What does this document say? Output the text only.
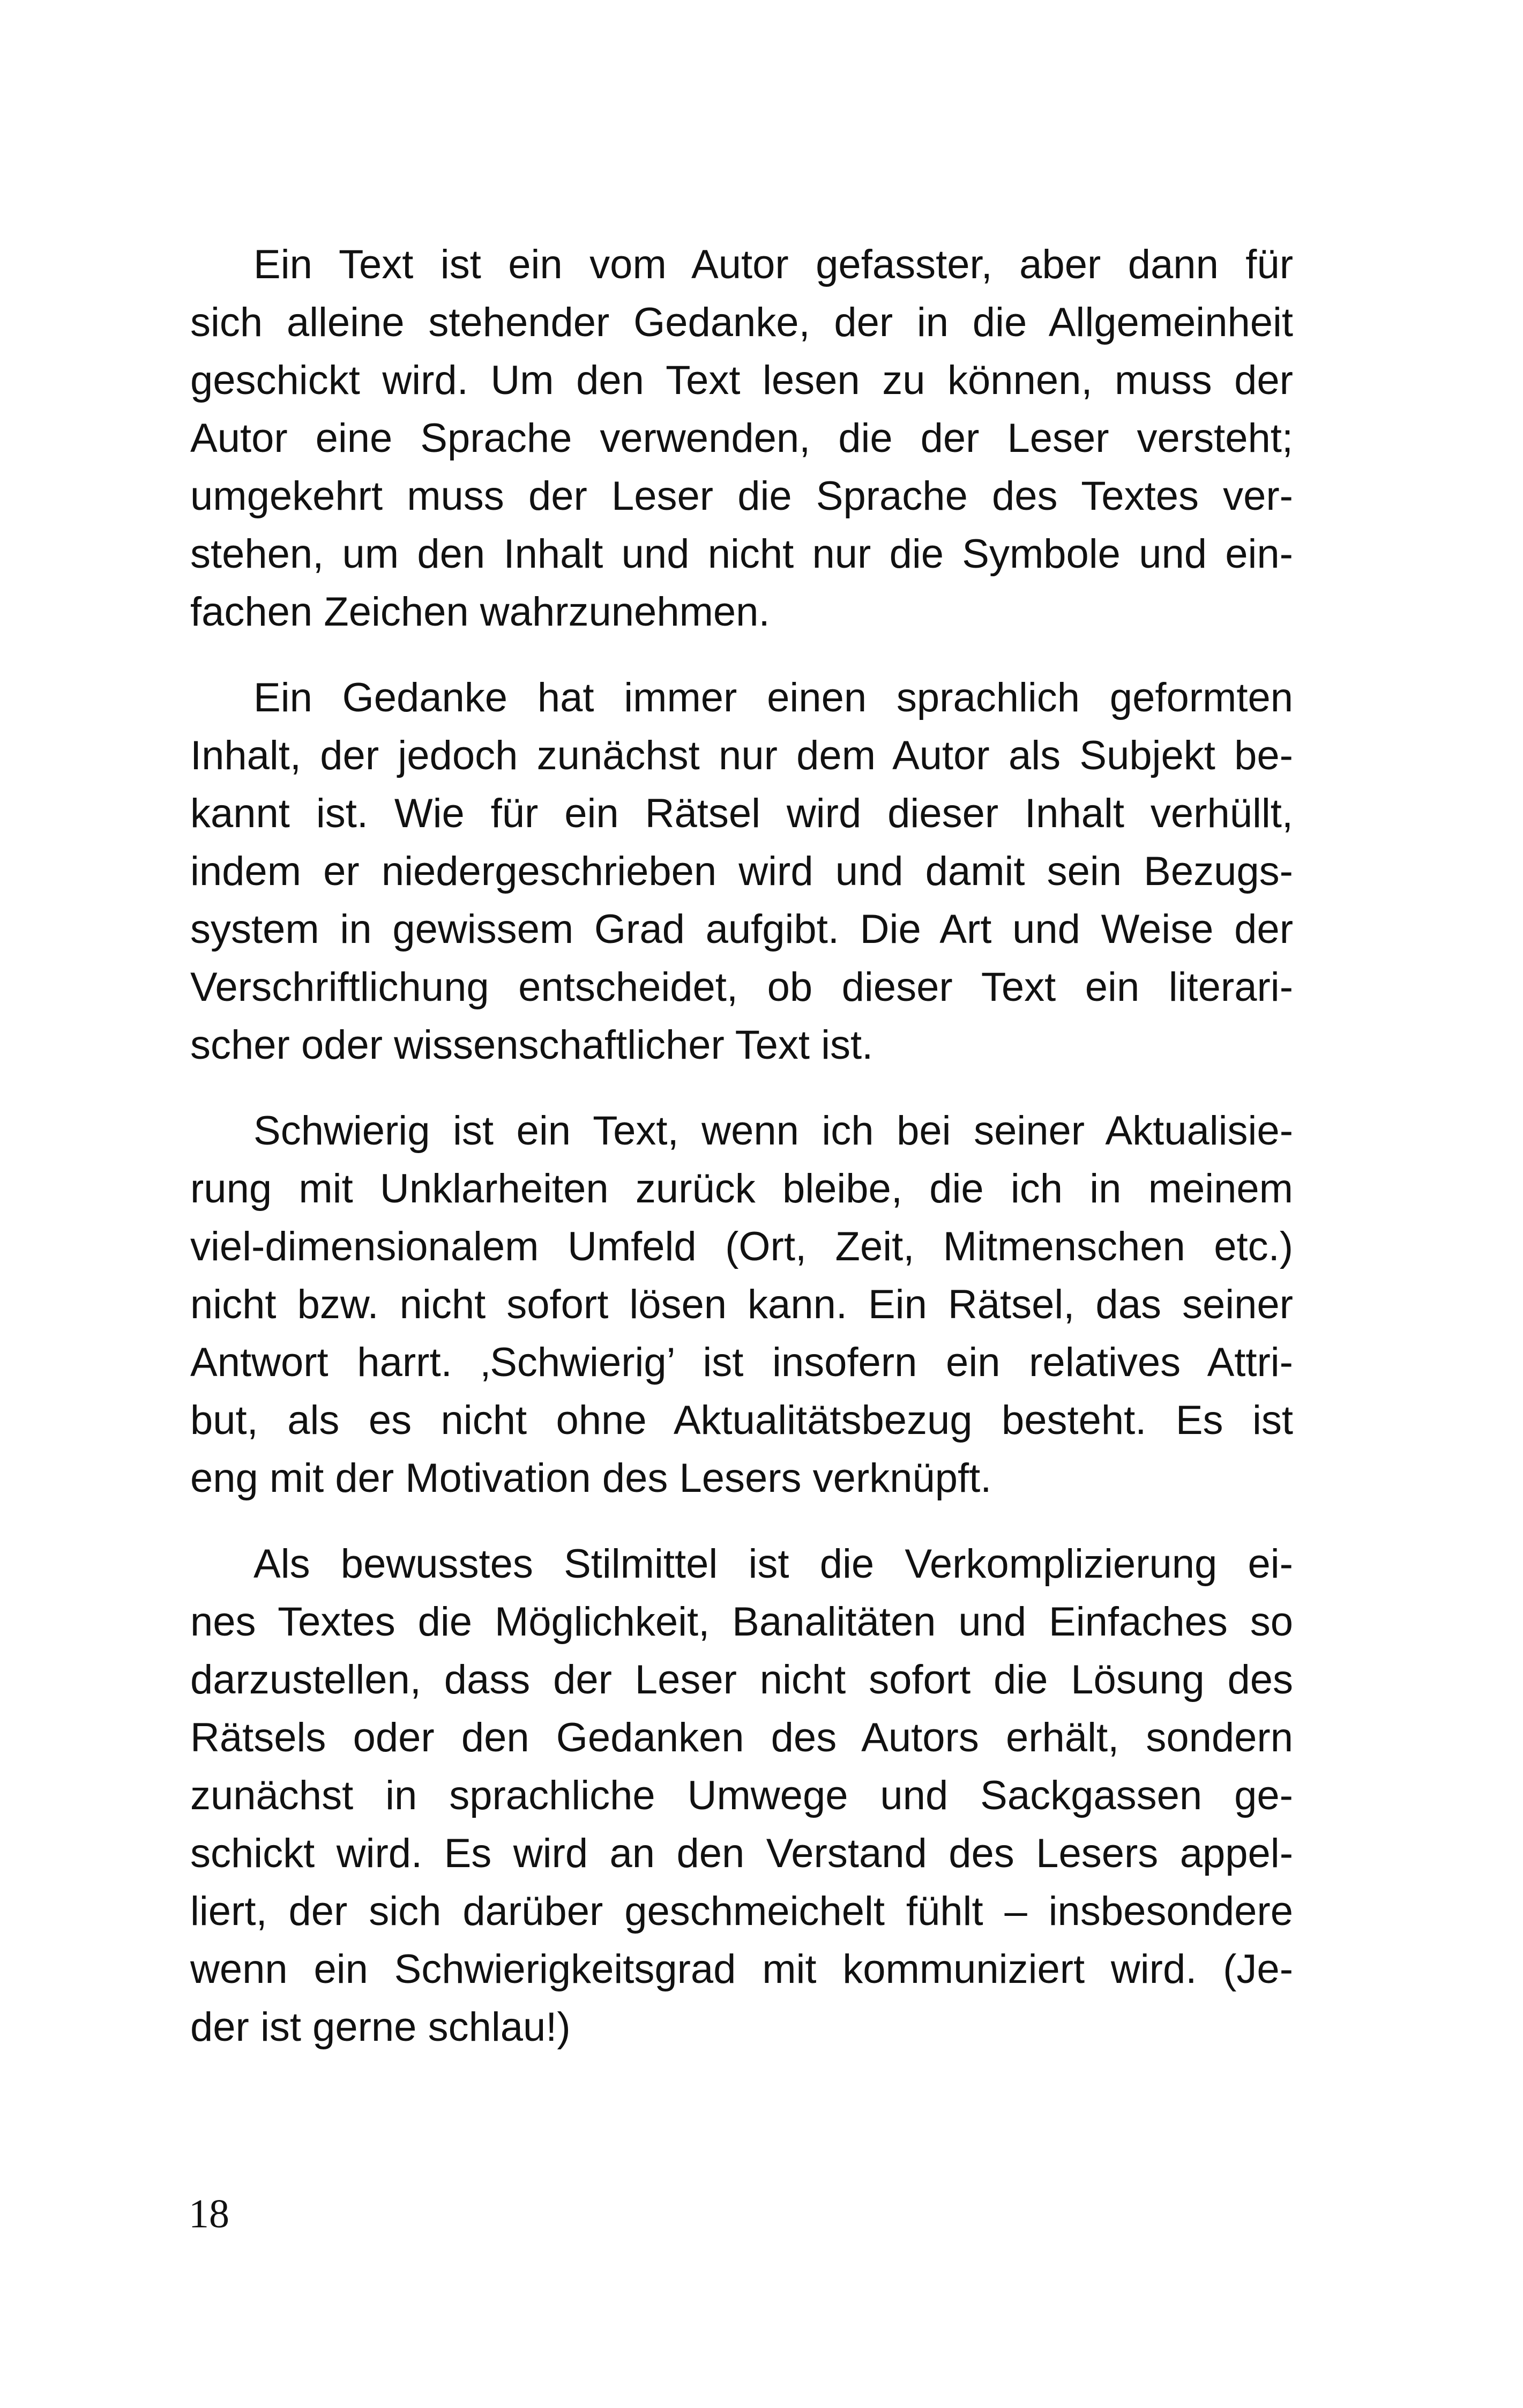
Ein Text ist ein vom Autor gefasster, aber dann für
sich alleine stehender Gedanke, der in die Allgemeinheit
geschickt wird. Um den Text lesen zu können, muss der
Autor eine Sprache verwenden, die der Leser versteht;
umgekehrt muss der Leser die Sprache des Textes ver-
stehen, um den Inhalt und nicht nur die Symbole und ein-
fachen Zeichen wahrzunehmen.

Ein Gedanke hat immer einen sprachlich geformten
Inhalt, der jedoch zunächst nur dem Autor als Subjekt be-
kannt ist. Wie für ein Rätsel wird dieser Inhalt verhüllt,
indem er niedergeschrieben wird und damit sein Bezugs-
system in gewissem Grad aufgibt. Die Art und Weise der
Verschriftlichung entscheidet, ob dieser Text ein literari-
scher oder wissenschaftlicher Text ist.

Schwierig ist ein Text, wenn ich bei seiner Aktualisie-
rung mit Unklarheiten zurück bleibe, die ich in meinem
viel-dimensionalem Umfeld (Ort, Zeit, Mitmenschen etc.)
nicht bzw. nicht sofort lösen kann. Ein Rätsel, das seiner
Antwort harrt. ‚Schwierig’ ist insofern ein relatives Attri-
but, als es nicht ohne Aktualitätsbezug besteht. Es ist
eng mit der Motivation des Lesers verknüpft.

Als bewusstes Stilmittel ist die Verkomplizierung ei-
nes Textes die Möglichkeit, Banalitäten und Einfaches so
darzustellen, dass der Leser nicht sofort die Lösung des
Rätsels oder den Gedanken des Autors erhält, sondern
zunächst in sprachliche Umwege und Sackgassen ge-
schickt wird. Es wird an den Verstand des Lesers appel-
liert, der sich darüber geschmeichelt fühlt – insbesondere
wenn ein Schwierigkeitsgrad mit kommuniziert wird. (Je-
der ist gerne schlau!)

18
